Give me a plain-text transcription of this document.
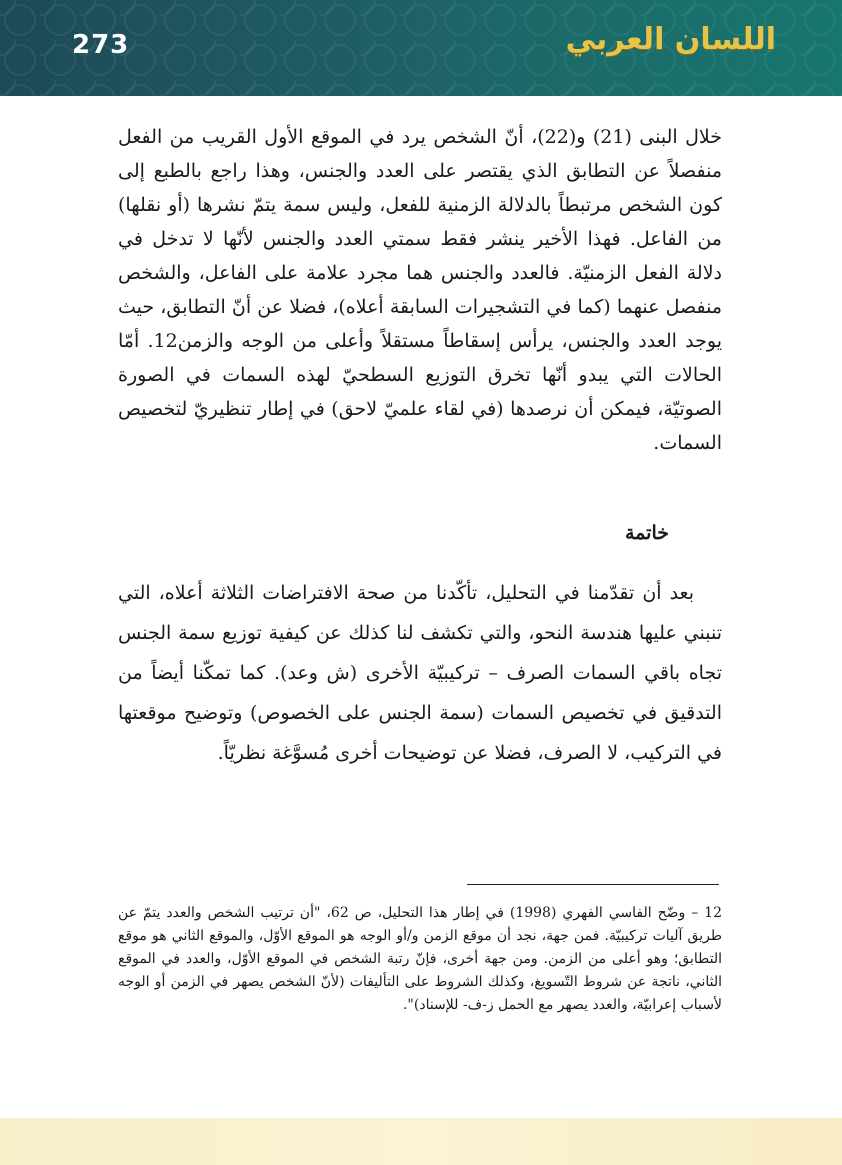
273	اللسان العربي

خلال البنى (21) و(22)، أنّ الشخص يرد في الموقع الأول القريب من الفعل منفصلاً عن التطابق الذي يقتصر على العدد والجنس، وهذا راجع بالطبع إلى كون الشخص مرتبطاً بالدلالة الزمنية للفعل، وليس سمة يتمّ نشرها (أو نقلها) من الفاعل. فهذا الأخير ينشر فقط سمتي العدد والجنس لأنّها لا تدخل في دلالة الفعل الزمنيّة. فالعدد والجنس هما مجرد علامة على الفاعل، والشخص منفصل عنهما (كما في التشجيرات السابقة أعلاه)، فضلا عن أنّ التطابق، حيث يوجد العدد والجنس، يرأس إسقاطاً مستقلاً وأعلى من الوجه والزمن12. أمّا الحالات التي يبدو أنّها تخرق التوزيع السطحيّ لهذه السمات في الصورة الصوتيّة، فيمكن أن نرصدها (في لقاء علميّ لاحق) في إطار تنظيريّ لتخصيص السمات.

خاتمة

بعد أن تقدّمنا في التحليل، تأكّدنا من صحة الافتراضات الثلاثة أعلاه، التي تنبني عليها هندسة النحو، والتي تكشف لنا كذلك عن كيفية توزيع سمة الجنس تجاه باقي السمات الصرف – تركيبيّة الأخرى (ش وعد). كما تمكّنا أيضاً من التدقيق في تخصيص السمات (سمة الجنس على الخصوص) وتوضيح موقعتها في التركيب، لا الصرف، فضلا عن توضيحات أخرى مُسوَّغة نظريّاً.

12 – وضّح الفاسي الفهري (1998) في إطار هذا التحليل، ص 62، "أن ترتيب الشخص والعدد يتمّ عن طريق آليات تركيبيّة. فمن جهة، نجد أن موقع الزمن و/أو الوجه هو الموقع الأوّل، والموقع الثاني هو موقع التطابق؛ وهو أعلى من الزمن. ومن جهة أخرى، فإنّ رتبة الشخص في الموقع الأوّل، والعدد في الموقع الثاني، ناتجة عن شروط التّسويغ، وكذلك الشروط على التأليفات (لأنّ الشخص يصهر في الزمن أو الوجه لأسباب إعرابيّة، والعدد يصهر مع الحمل ز-ف- للإسناد)".
